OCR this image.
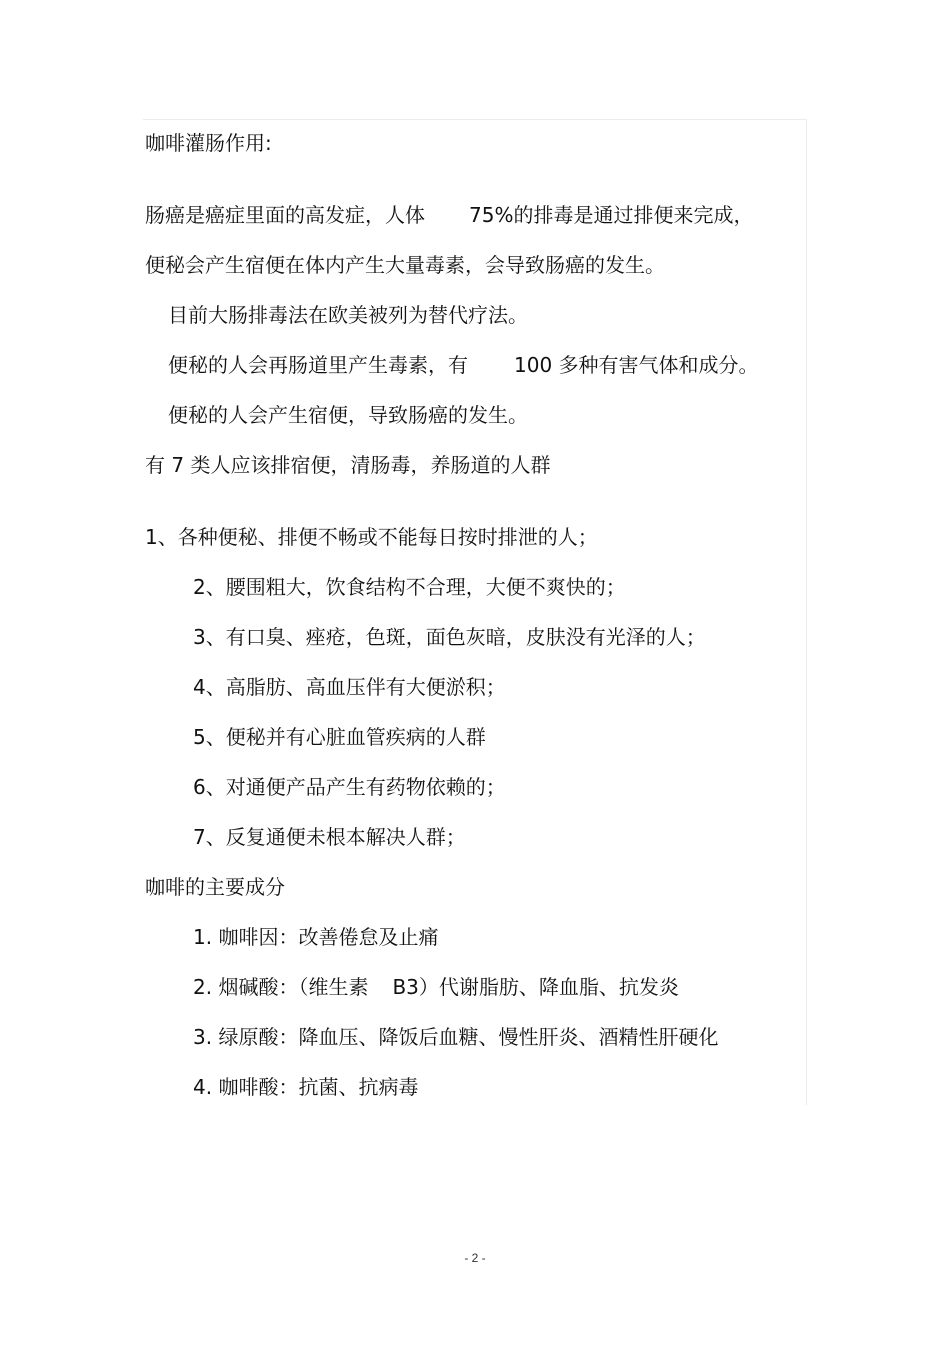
咖啡灌肠作用:
肠癌是癌症里面的高发症，人体 75%的排毒是通过排便来完成，
便秘会产生宿便在体内产生大量毒素，会导致肠癌的发生。
目前大肠排毒法在欧美被列为替代疗法。
便秘的人会再肠道里产生毒素，有 100 多种有害气体和成分。
便秘的人会产生宿便，导致肠癌的发生。
有 7 类人应该排宿便，清肠毒，养肠道的人群
1、各种便秘、排便不畅或不能每日按时排泄的人；
2、腰围粗大，饮食结构不合理，大便不爽快的；
3、有口臭、痤疮，色斑，面色灰暗，皮肤没有光泽的人；
4、高脂肪、高血压伴有大便淤积；
5、便秘并有心脏血管疾病的人群
6、对通便产品产生有药物依赖的；
7、反复通便未根本解决人群；
咖啡的主要成分
1. 咖啡因：改善倦怠及止痛
2. 烟碱酸：（维生素 B3）代谢脂肪、降血脂、抗发炎
3. 绿原酸：降血压、降饭后血糖、慢性肝炎、酒精性肝硬化
4. 咖啡酸：抗菌、抗病毒
- 2 -
